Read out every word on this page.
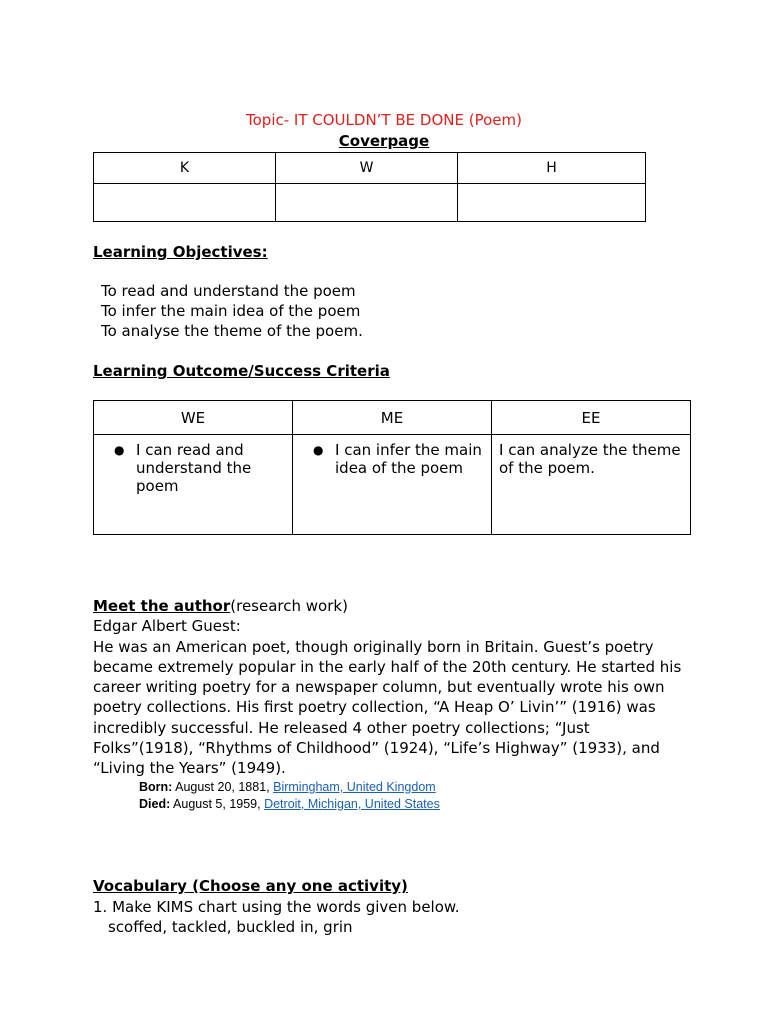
Topic- IT COULDN’T BE DONE (Poem)
Coverpage
K	W	H

Learning Objectives:
To read and understand the poem
To infer the main idea of the poem
To analyse the theme of the poem.
Learning Outcome/Success Criteria
WE	ME	EE

● I can read and understand the poem	● I can infer the main idea of the poem	I can analyze the theme of the poem.
Meet the author(research work)
Edgar Albert Guest:
He was an American poet, though originally born in Britain. Guest’s poetry became extremely popular in the early half of the 20th century. He started his career writing poetry for a newspaper column, but eventually wrote his own poetry collections. His first poetry collection, “A Heap O’ Livin’” (1916) was incredibly successful. He released 4 other poetry collections; “Just Folks”(1918), “Rhythms of Childhood” (1924), “Life’s Highway” (1933), and “Living the Years” (1949).
Born: August 20, 1881, Birmingham, United Kingdom
Died: August 5, 1959, Detroit, Michigan, United States
Vocabulary (Choose any one activity)
1. Make KIMS chart using the words given below.
scoffed, tackled, buckled in, grin
